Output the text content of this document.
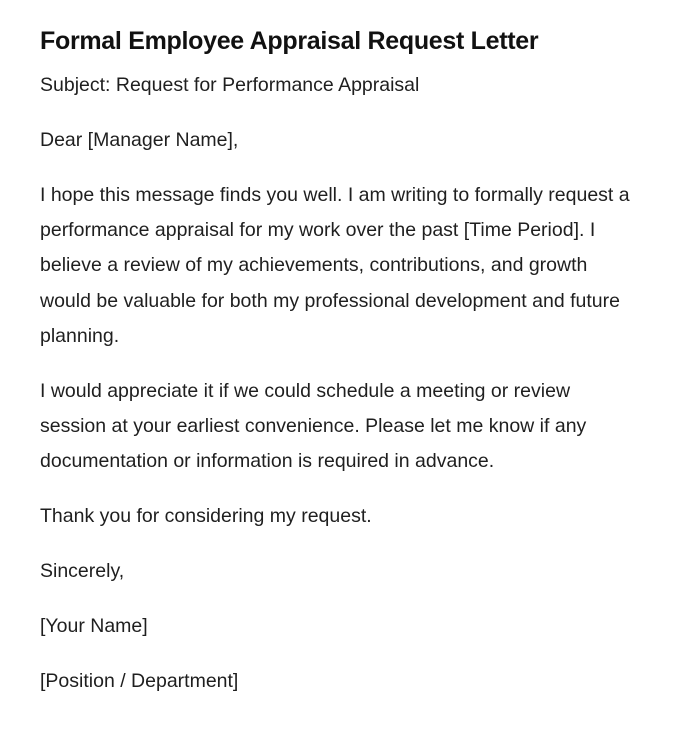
Formal Employee Appraisal Request Letter

Subject: Request for Performance Appraisal

Dear [Manager Name],

I hope this message finds you well. I am writing to formally request a performance appraisal for my work over the past [Time Period]. I believe a review of my achievements, contributions, and growth would be valuable for both my professional development and future planning.

I would appreciate it if we could schedule a meeting or review session at your earliest convenience. Please let me know if any documentation or information is required in advance.

Thank you for considering my request.

Sincerely,

[Your Name]

[Position / Department]
